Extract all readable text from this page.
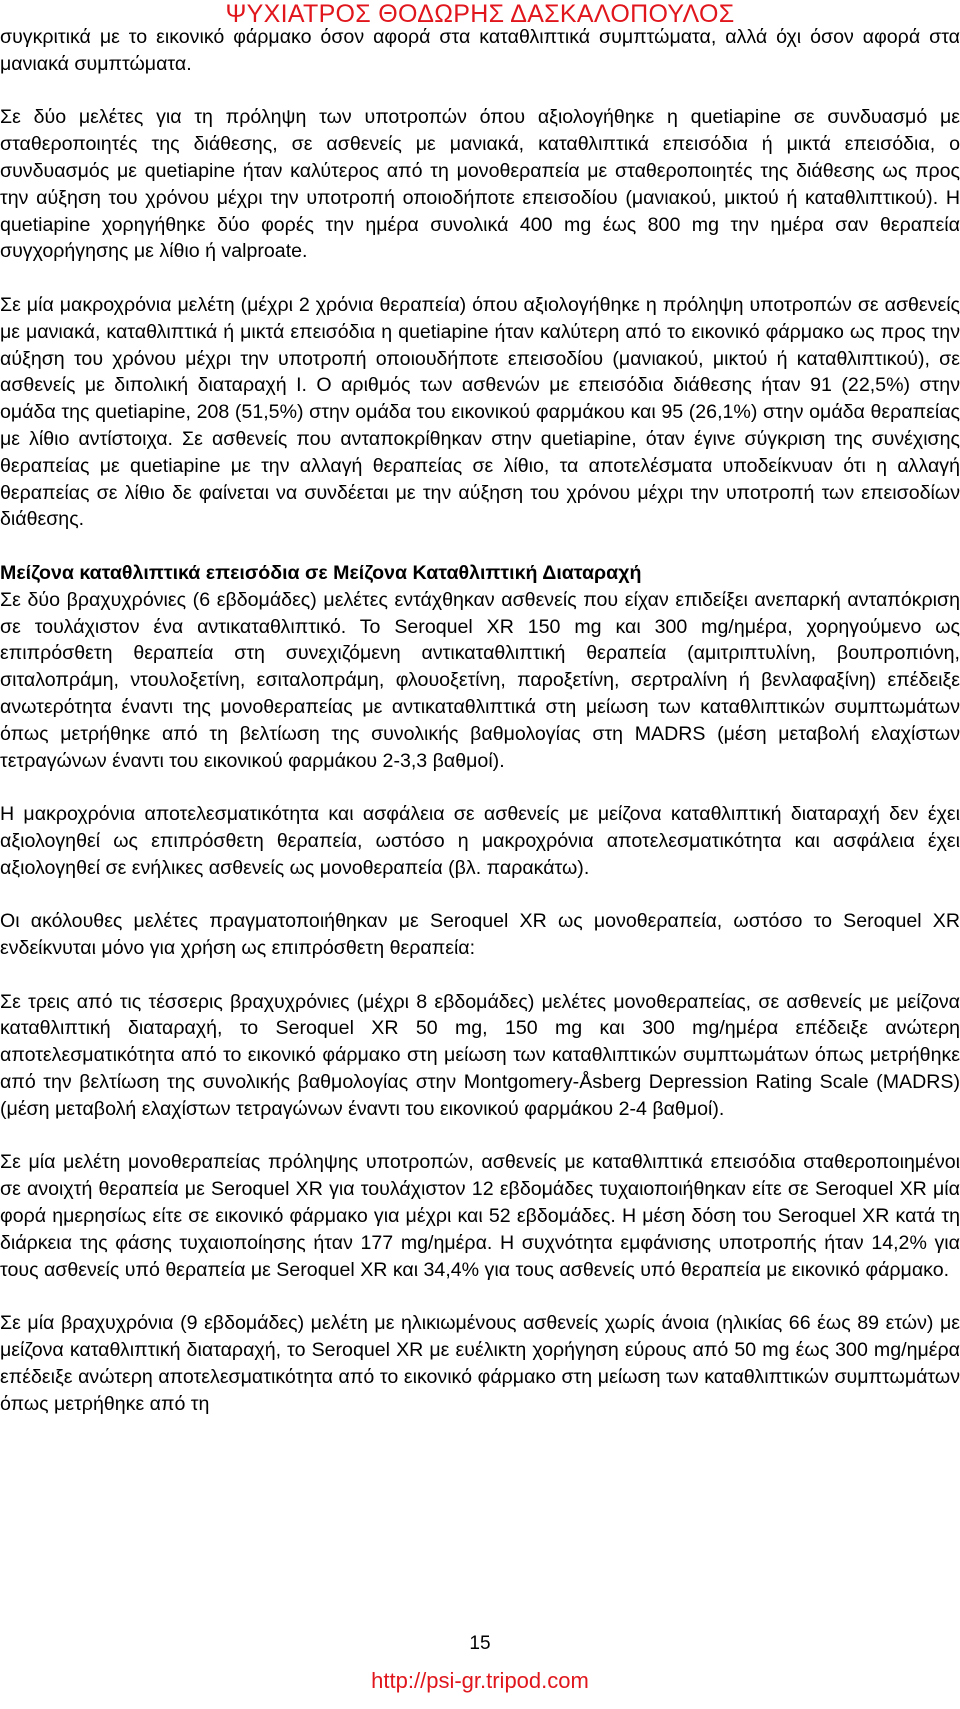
ΨΥΧΙΑΤΡΟΣ ΘΟΔΩΡΗΣ ΔΑΣΚΑΛΟΠΟΥΛΟΣ

συγκριτικά με το εικονικό φάρμακο όσον αφορά στα καταθλιπτικά συμπτώματα, αλλά όχι όσον αφορά στα μανιακά συμπτώματα.

Σε δύο μελέτες για τη πρόληψη των υποτροπών όπου αξιολογήθηκε η quetiapine σε συνδυασμό με σταθεροποιητές της διάθεσης, σε ασθενείς με μανιακά, καταθλιπτικά επεισόδια ή μικτά επεισόδια, ο συνδυασμός με quetiapine ήταν καλύτερος από τη μονοθεραπεία με σταθεροποιητές της διάθεσης ως προς την αύξηση του χρόνου μέχρι την υποτροπή οποιοδήποτε επεισοδίου (μανιακού, μικτού ή καταθλιπτικού). Η quetiapine χορηγήθηκε δύο φορές την ημέρα συνολικά 400 mg έως 800 mg την ημέρα σαν θεραπεία συγχορήγησης με λίθιο ή valproate.

Σε μία μακροχρόνια μελέτη (μέχρι 2 χρόνια θεραπεία) όπου αξιολογήθηκε η πρόληψη υποτροπών σε ασθενείς με μανιακά, καταθλιπτικά ή μικτά επεισόδια η quetiapine ήταν καλύτερη από το εικονικό φάρμακο ως προς την αύξηση του χρόνου μέχρι την υποτροπή οποιουδήποτε επεισοδίου (μανιακού, μικτού ή καταθλιπτικού), σε ασθενείς με διπολική διαταραχή Ι. Ο αριθμός των ασθενών με επεισόδια διάθεσης ήταν 91 (22,5%) στην ομάδα της quetiapine, 208 (51,5%) στην ομάδα του εικονικού φαρμάκου και 95 (26,1%) στην ομάδα θεραπείας με λίθιο αντίστοιχα. Σε ασθενείς που ανταποκρίθηκαν στην quetiapine, όταν έγινε σύγκριση της συνέχισης θεραπείας με quetiapine με την αλλαγή θεραπείας σε λίθιο, τα αποτελέσματα υποδείκνυαν ότι η αλλαγή θεραπείας σε λίθιο δε φαίνεται να συνδέεται με την αύξηση του χρόνου μέχρι την υποτροπή των επεισοδίων διάθεσης.

Μείζονα καταθλιπτικά επεισόδια σε Μείζονα Καταθλιπτική Διαταραχή

Σε δύο βραχυχρόνιες (6 εβδομάδες) μελέτες εντάχθηκαν ασθενείς που είχαν επιδείξει ανεπαρκή ανταπόκριση σε τουλάχιστον ένα αντικαταθλιπτικό. Το Seroquel XR 150 mg και 300 mg/ημέρα, χορηγούμενο ως επιπρόσθετη θεραπεία στη συνεχιζόμενη αντικαταθλιπτική θεραπεία (αμιτριπτυλίνη, βουπροπιόνη, σιταλοπράμη, ντουλοξετίνη, εσιταλοπράμη, φλουοξετίνη, παροξετίνη, σερτραλίνη ή βενλαφαξίνη) επέδειξε ανωτερότητα έναντι της μονοθεραπείας με αντικαταθλιπτικά στη μείωση των καταθλιπτικών συμπτωμάτων όπως μετρήθηκε από τη βελτίωση της συνολικής βαθμολογίας στη MADRS (μέση μεταβολή ελαχίστων τετραγώνων έναντι του εικονικού φαρμάκου 2-3,3 βαθμοί).

Η μακροχρόνια αποτελεσματικότητα και ασφάλεια σε ασθενείς με μείζονα καταθλιπτική διαταραχή δεν έχει αξιολογηθεί ως επιπρόσθετη θεραπεία, ωστόσο η μακροχρόνια αποτελεσματικότητα και ασφάλεια έχει αξιολογηθεί σε ενήλικες ασθενείς ως μονοθεραπεία (βλ. παρακάτω).

Οι ακόλουθες μελέτες πραγματοποιήθηκαν με Seroquel XR ως μονοθεραπεία, ωστόσο το Seroquel XR ενδείκνυται μόνο για χρήση ως επιπρόσθετη θεραπεία:

Σε τρεις από τις τέσσερις βραχυχρόνιες (μέχρι 8 εβδομάδες) μελέτες μονοθεραπείας, σε ασθενείς με μείζονα καταθλιπτική διαταραχή, το Seroquel XR 50 mg, 150 mg και 300 mg/ημέρα επέδειξε ανώτερη αποτελεσματικότητα από το εικονικό φάρμακο στη μείωση των καταθλιπτικών συμπτωμάτων όπως μετρήθηκε από την βελτίωση της συνολικής βαθμολογίας στην Montgomery-Åsberg Depression Rating Scale (MADRS) (μέση μεταβολή ελαχίστων τετραγώνων έναντι του εικονικού φαρμάκου 2-4 βαθμοί).

Σε μία μελέτη μονοθεραπείας πρόληψης υποτροπών, ασθενείς με καταθλιπτικά επεισόδια σταθεροποιημένοι σε ανοιχτή θεραπεία με Seroquel XR για τουλάχιστον 12 εβδομάδες τυχαιοποιήθηκαν είτε σε Seroquel XR μία φορά ημερησίως είτε σε εικονικό φάρμακο για μέχρι και 52 εβδομάδες. Η μέση δόση του Seroquel XR κατά τη διάρκεια της φάσης τυχαιοποίησης ήταν 177 mg/ημέρα. Η συχνότητα εμφάνισης υποτροπής ήταν 14,2% για τους ασθενείς υπό θεραπεία με Seroquel XR και 34,4% για τους ασθενείς υπό θεραπεία με εικονικό φάρμακο.

Σε μία βραχυχρόνια (9 εβδομάδες) μελέτη με ηλικιωμένους ασθενείς χωρίς άνοια (ηλικίας 66 έως 89 ετών) με μείζονα καταθλιπτική διαταραχή, το Seroquel XR με ευέλικτη χορήγηση εύρους από 50 mg έως 300 mg/ημέρα επέδειξε ανώτερη αποτελεσματικότητα από το εικονικό φάρμακο στη μείωση των καταθλιπτικών συμπτωμάτων όπως μετρήθηκε από τη

15
http://psi-gr.tripod.com
